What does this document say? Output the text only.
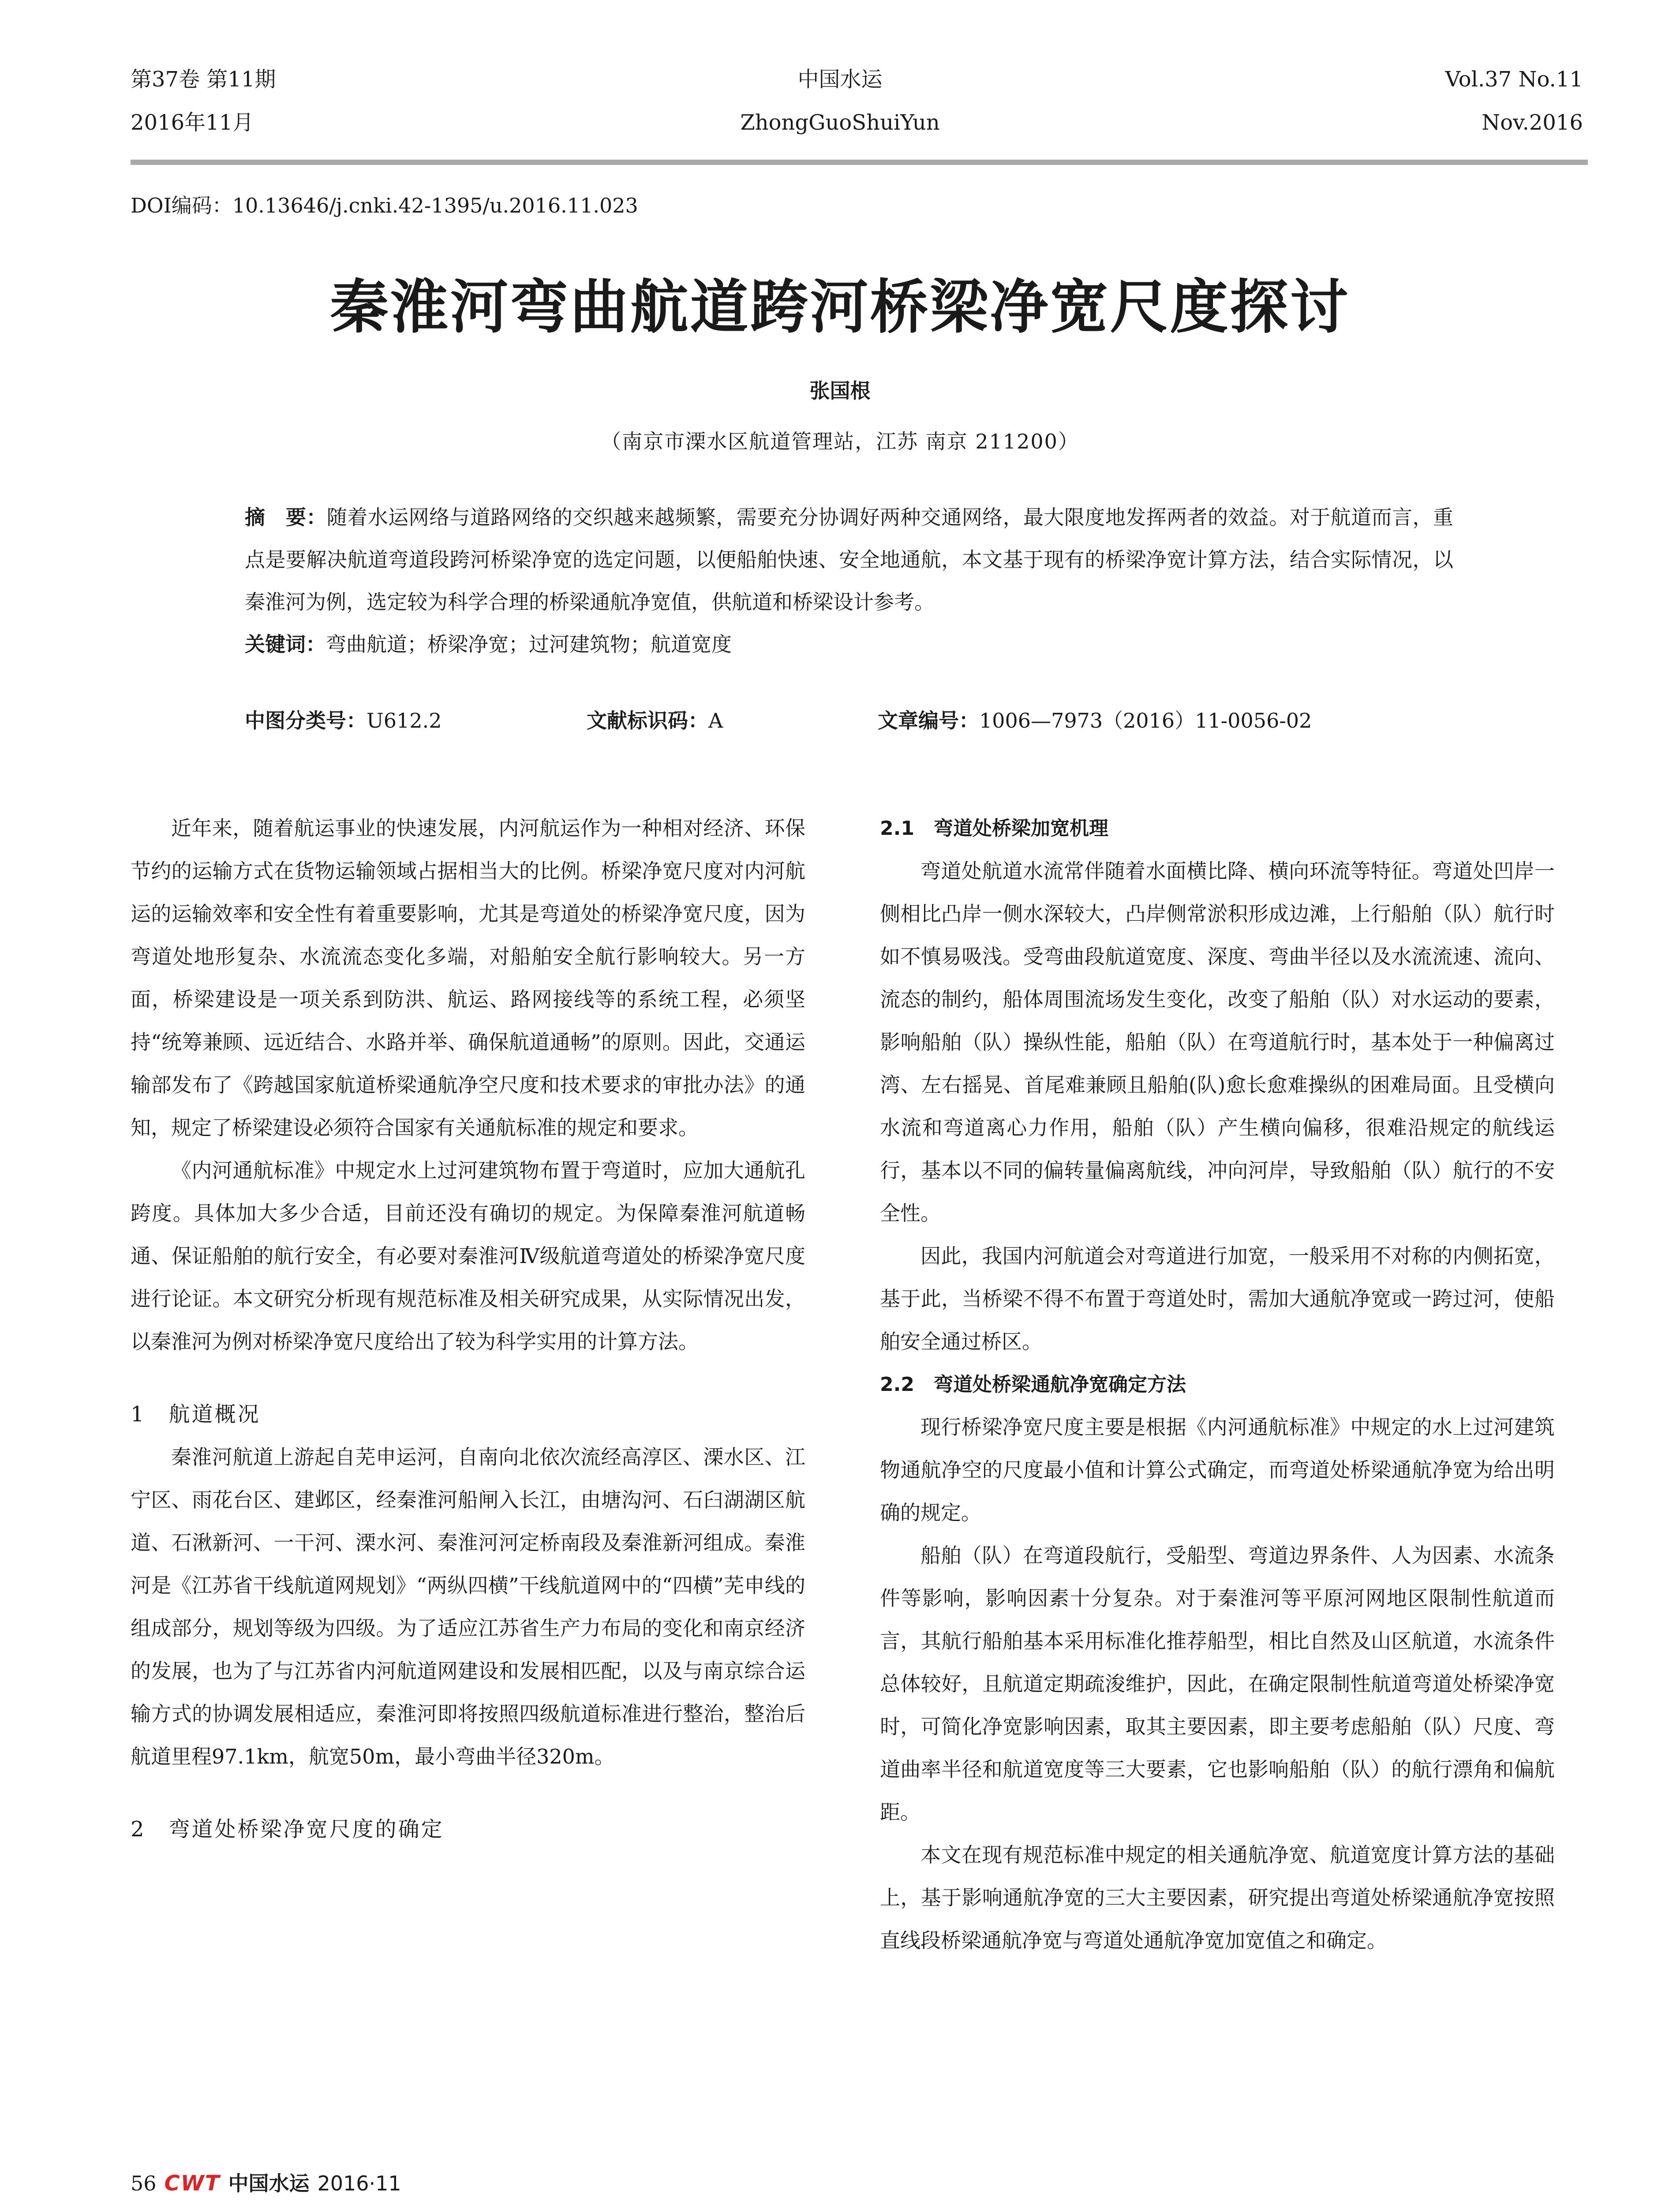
第37卷 第11期
2016年11月
中国水运
ZhongGuoShuiYun
Vol.37 No.11
Nov.2016
DOI编码：10.13646/j.cnki.42-1395/u.2016.11.023
秦淮河弯曲航道跨河桥梁净宽尺度探讨
张国根
（南京市溧水区航道管理站，江苏 南京 211200）

摘　要：随着水运网络与道路网络的交织越来越频繁，需要充分协调好两种交通网络，最大限度地发挥两者的效益。对于航道而言，重点是要解决航道弯道段跨河桥梁净宽的选定问题，以便船舶快速、安全地通航，本文基于现有的桥梁净宽计算方法，结合实际情况，以秦淮河为例，选定较为科学合理的桥梁通航净宽值，供航道和桥梁设计参考。

关键词：弯曲航道；桥梁净宽；过河建筑物；航道宽度

中图分类号：U612.2	文献标识码：A	文章编号：1006—7973（2016）11-0056-02

近年来，随着航运事业的快速发展，内河航运作为一种相对经济、环保节约的运输方式在货物运输领域占据相当大的比例。桥梁净宽尺度对内河航运的运输效率和安全性有着重要影响，尤其是弯道处的桥梁净宽尺度，因为弯道处地形复杂、水流流态变化多端，对船舶安全航行影响较大。另一方面，桥梁建设是一项关系到防洪、航运、路网接线等的系统工程，必须坚持“统筹兼顾、远近结合、水路并举、确保航道通畅”的原则。因此，交通运输部发布了《跨越国家航道桥梁通航净空尺度和技术要求的审批办法》的通知，规定了桥梁建设必须符合国家有关通航标准的规定和要求。

《内河通航标准》中规定水上过河建筑物布置于弯道时，应加大通航孔跨度。具体加大多少合适，目前还没有确切的规定。为保障秦淮河航道畅通、保证船舶的航行安全，有必要对秦淮河Ⅳ级航道弯道处的桥梁净宽尺度进行论证。本文研究分析现有规范标准及相关研究成果，从实际情况出发，以秦淮河为例对桥梁净宽尺度给出了较为科学实用的计算方法。

1　航道概况

秦淮河航道上游起自芜申运河，自南向北依次流经高淳区、溧水区、江宁区、雨花台区、建邺区，经秦淮河船闸入长江，由塘沟河、石臼湖湖区航道、石湫新河、一干河、溧水河、秦淮河河定桥南段及秦淮新河组成。秦淮河是《江苏省干线航道网规划》“两纵四横”干线航道网中的“四横”芜申线的组成部分，规划等级为四级。为了适应江苏省生产力布局的变化和南京经济的发展，也为了与江苏省内河航道网建设和发展相匹配，以及与南京综合运输方式的协调发展相适应，秦淮河即将按照四级航道标准进行整治，整治后航道里程97.1km，航宽50m，最小弯曲半径320m。

2　弯道处桥梁净宽尺度的确定
2.1　弯道处桥梁加宽机理

弯道处航道水流常伴随着水面横比降、横向环流等特征。弯道处凹岸一侧相比凸岸一侧水深较大，凸岸侧常淤积形成边滩，上行船舶（队）航行时如不慎易吸浅。受弯曲段航道宽度、深度、弯曲半径以及水流流速、流向、流态的制约，船体周围流场发生变化，改变了船舶（队）对水运动的要素，影响船舶（队）操纵性能，船舶（队）在弯道航行时，基本处于一种偏离过湾、左右摇晃、首尾难兼顾且船舶(队)愈长愈难操纵的困难局面。且受横向水流和弯道离心力作用，船舶（队）产生横向偏移，很难沿规定的航线运行，基本以不同的偏转量偏离航线，冲向河岸，导致船舶（队）航行的不安全性。

因此，我国内河航道会对弯道进行加宽，一般采用不对称的内侧拓宽，基于此，当桥梁不得不布置于弯道处时，需加大通航净宽或一跨过河，使船舶安全通过桥区。

2.2　弯道处桥梁通航净宽确定方法

现行桥梁净宽尺度主要是根据《内河通航标准》中规定的水上过河建筑物通航净空的尺度最小值和计算公式确定，而弯道处桥梁通航净宽为给出明确的规定。

船舶（队）在弯道段航行，受船型、弯道边界条件、人为因素、水流条件等影响，影响因素十分复杂。对于秦淮河等平原河网地区限制性航道而言，其航行船舶基本采用标准化推荐船型，相比自然及山区航道，水流条件总体较好，且航道定期疏浚维护，因此，在确定限制性航道弯道处桥梁净宽时，可简化净宽影响因素，取其主要因素，即主要考虑船舶（队）尺度、弯道曲率半径和航道宽度等三大要素，它也影响船舶（队）的航行漂角和偏航距。

本文在现有规范标准中规定的相关通航净宽、航道宽度计算方法的基础上，基于影响通航净宽的三大主要因素，研究提出弯道处桥梁通航净宽按照直线段桥梁通航净宽与弯道处通航净宽加宽值之和确定。

56 CWT 中国水运 2016·11
